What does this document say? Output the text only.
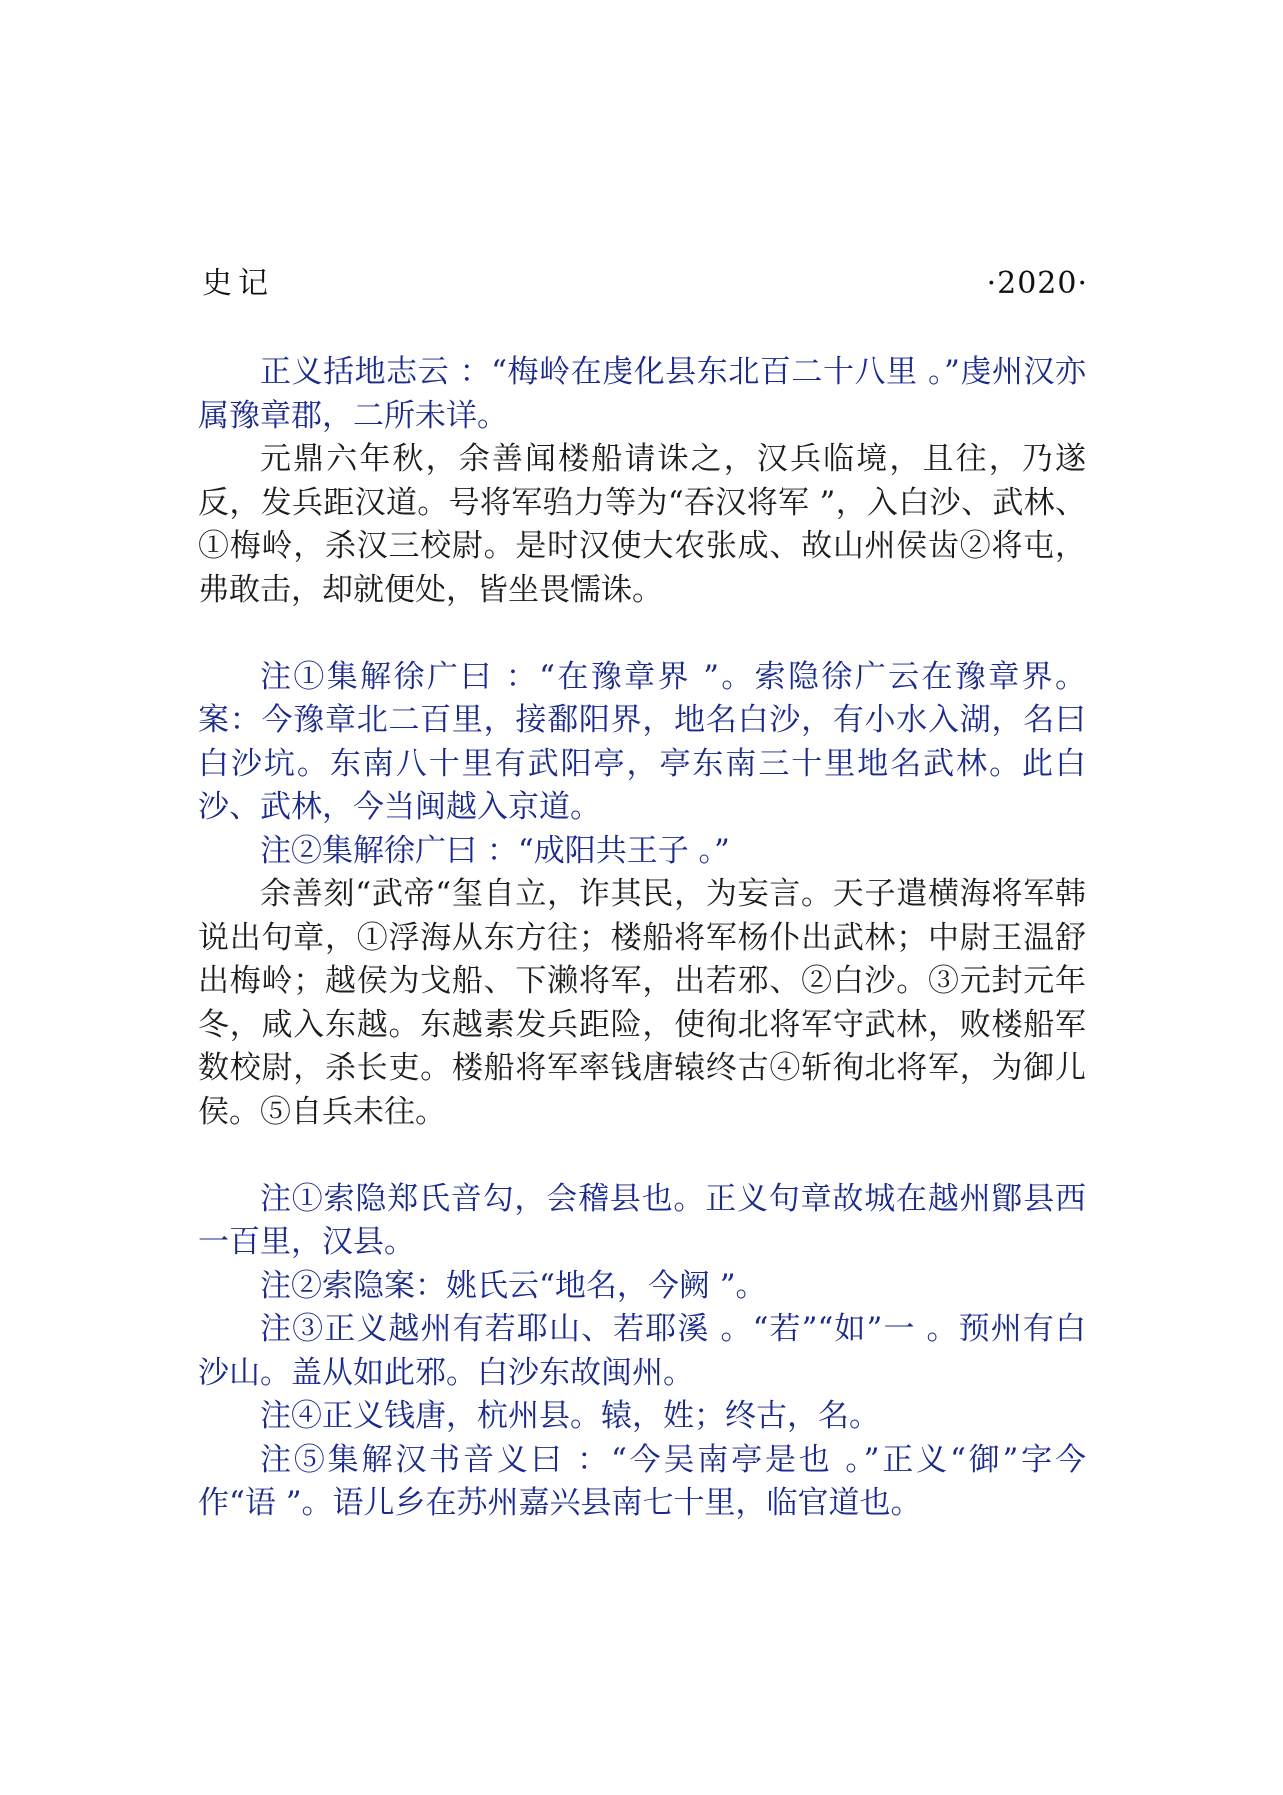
史记	·2020·

正义括地志云 ：“梅岭在虔化县东北百二十八里 。”虔州汉亦属豫章郡，二所未详。

元鼎六年秋，余善闻楼船请诛之，汉兵临境，且往，乃遂反，发兵距汉道。号将军驺力等为“吞汉将军 ”，入白沙、武林、①梅岭，杀汉三校尉。是时汉使大农张成、故山州侯齿②将屯，弗敢击，却就便处，皆坐畏懦诛。

注①集解徐广曰 ：“在豫章界 ”。索隐徐广云在豫章界。案：今豫章北二百里，接鄱阳界，地名白沙，有小水入湖，名曰白沙坑。东南八十里有武阳亭，亭东南三十里地名武林。此白沙、武林，今当闽越入京道。

注②集解徐广曰 ：“成阳共王子 。”

余善刻“武帝“玺自立，诈其民，为妄言。天子遣横海将军韩说出句章，①浮海从东方往；楼船将军杨仆出武林；中尉王温舒出梅岭；越侯为戈船、下濑将军，出若邪、②白沙。③元封元年冬，咸入东越。东越素发兵距险，使徇北将军守武林，败楼船军数校尉，杀长吏。楼船将军率钱唐辕终古④斩徇北将军，为御儿侯。⑤自兵未往。

注①索隐郑氏音勾，会稽县也。正义句章故城在越州鄮县西一百里，汉县。

注②索隐案：姚氏云“地名，今阙 ”。

注③正义越州有若耶山、若耶溪 。“若”“如”一 。预州有白沙山。盖从如此邪。白沙东故闽州。

注④正义钱唐，杭州县。辕，姓；终古，名。

注⑤集解汉书音义曰 ：“今吴南亭是也 。”正义“御”字今作“语 ”。语儿乡在苏州嘉兴县南七十里，临官道也。
